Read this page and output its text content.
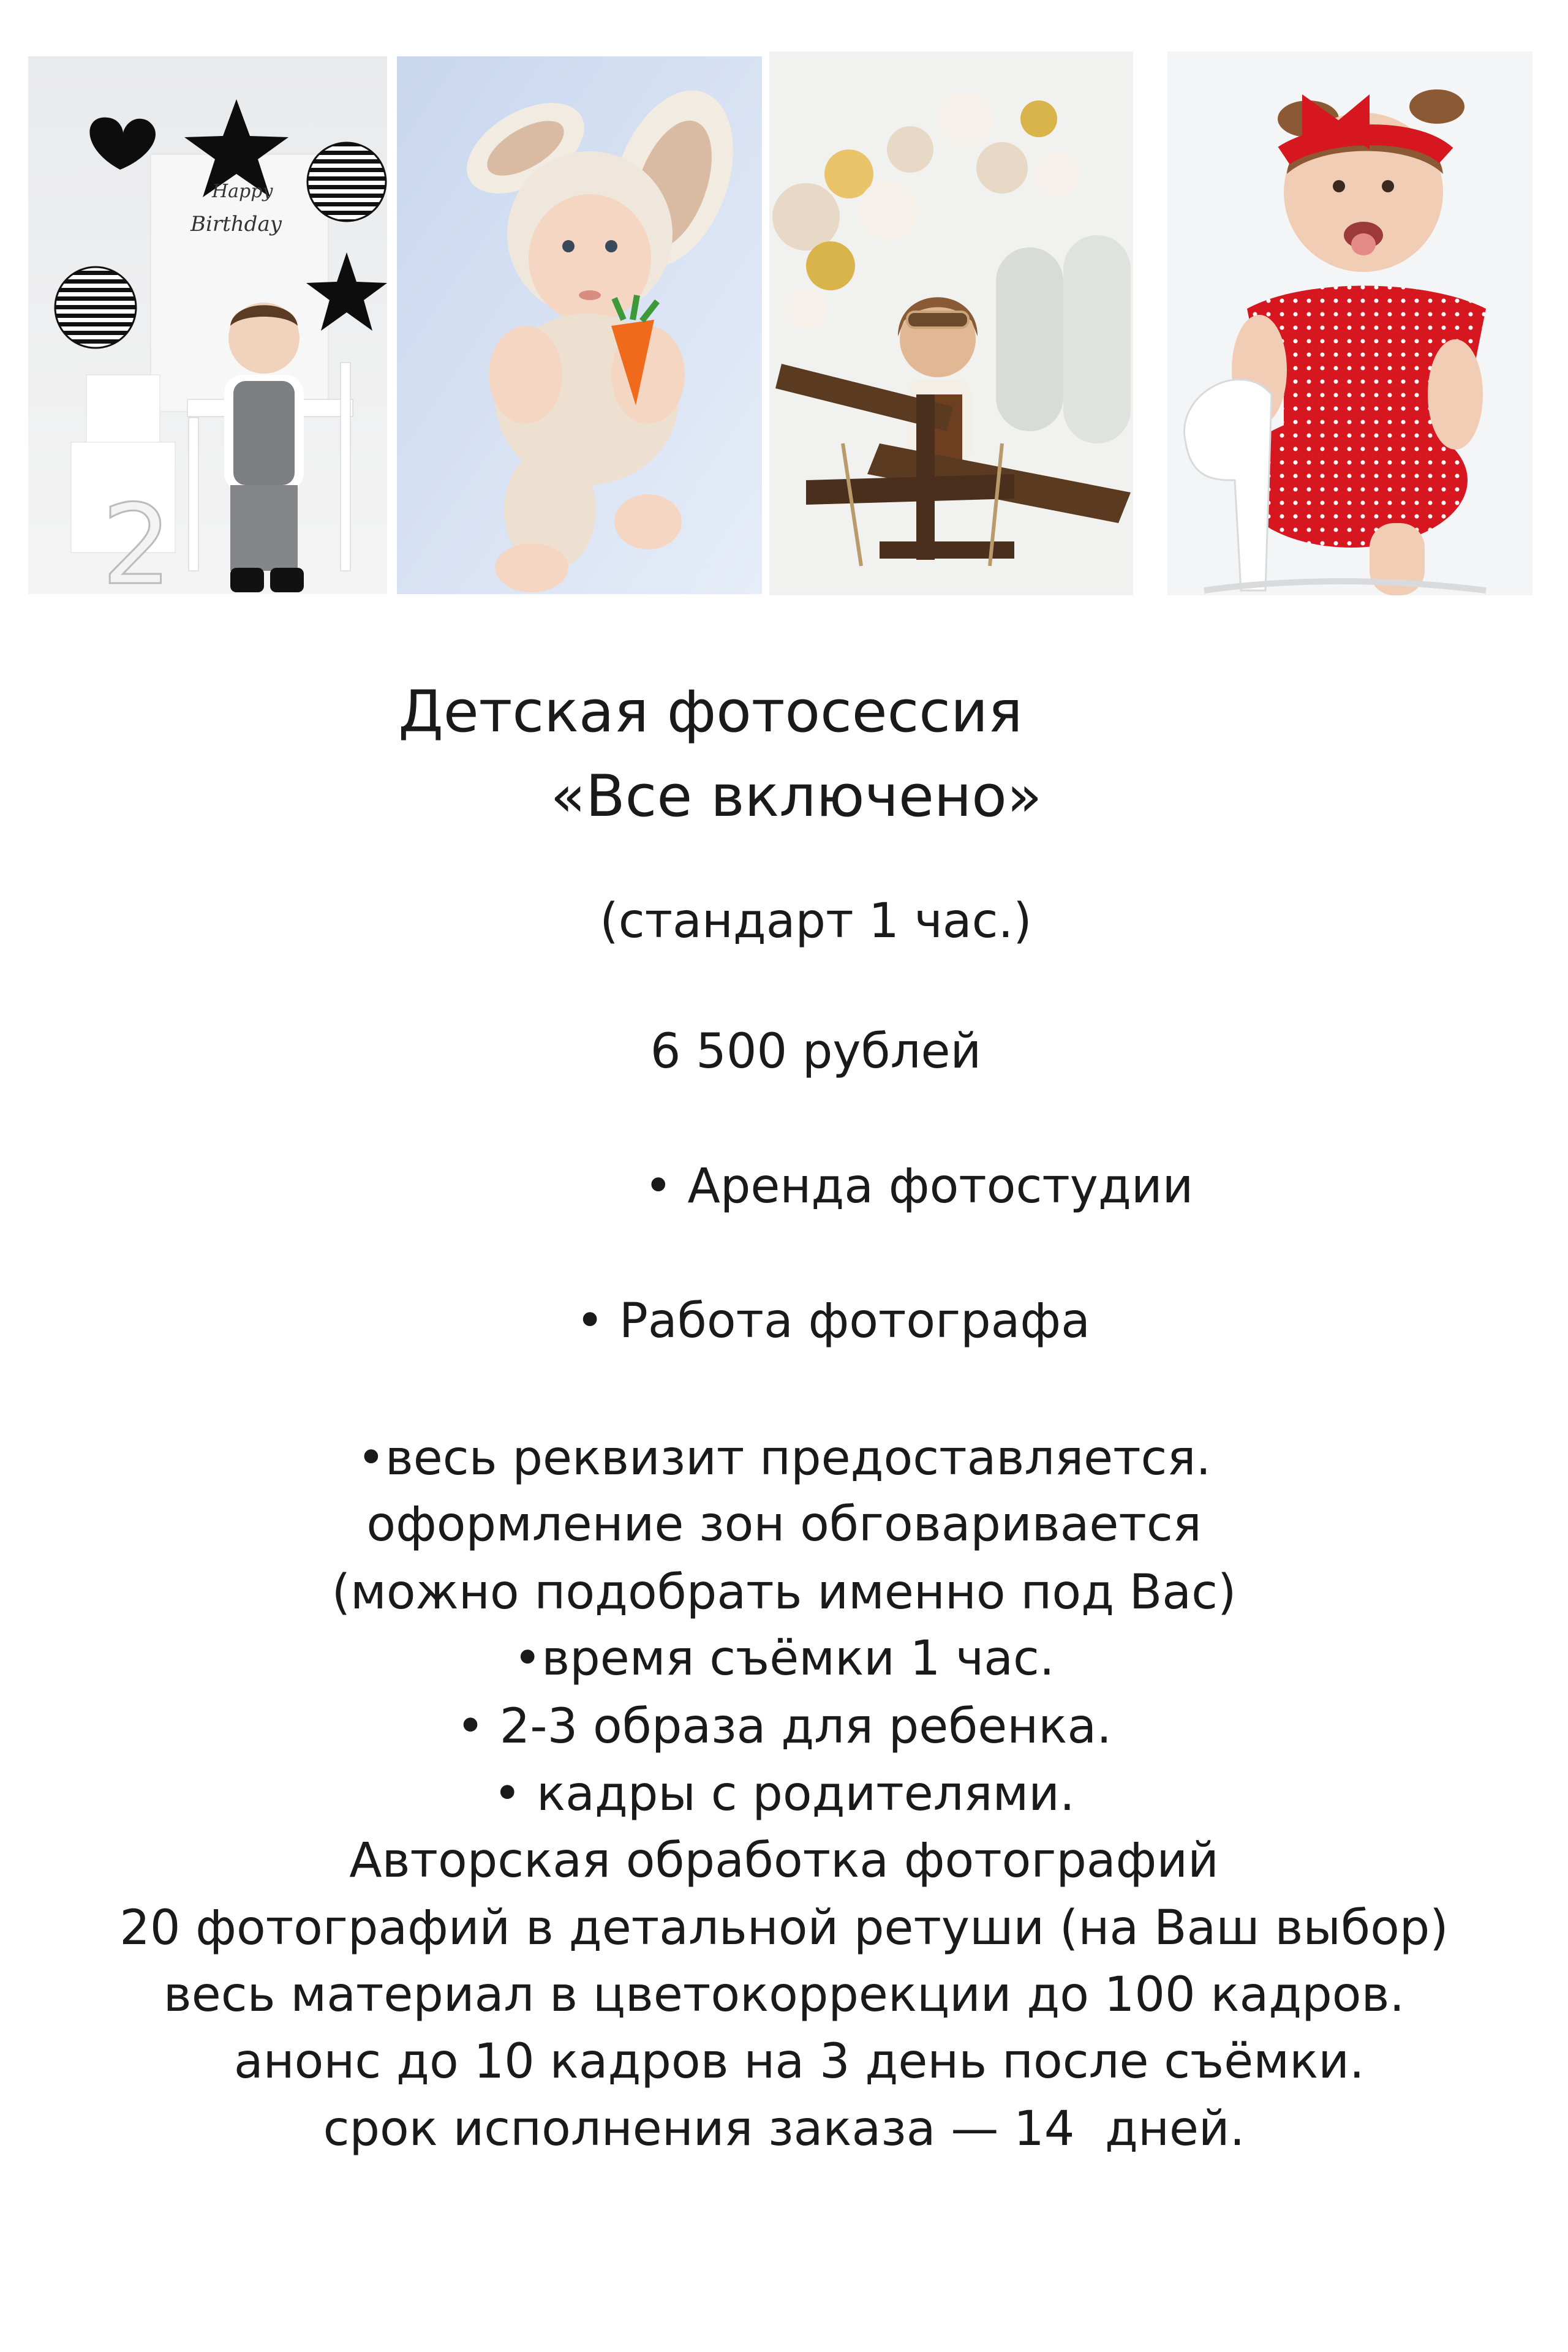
Happy
Birthday
2
Детская фотосессия
«Все включено»
(стандарт 1 час.)
6 500 рублей
• Аренда фотостудии
• Работа фотографа
•весь реквизит предоставляется.
оформление зон обговаривается
(можно подобрать именно под Вас)
•время съёмки 1 час.
• 2-3 образа для ребенка.
• кадры с родителями.
Авторская обработка фотографий
20 фотографий в детальной ретуши (на Ваш выбор)
весь материал в цветокоррекции до 100 кадров.
анонс до 10 кадров на 3 день после съёмки.
срок исполнения заказа — 14  дней.
